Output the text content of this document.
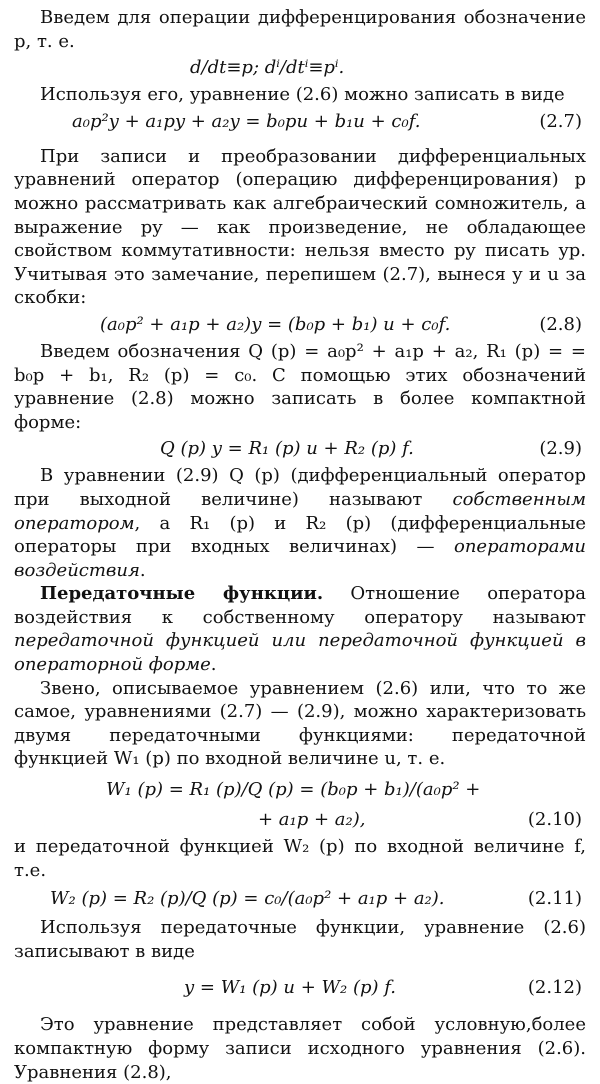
Введем для операции дифференцирования обозначение p, т. е.

d/dt≡p; dⁱ/dtⁱ≡pⁱ.

Используя его, уравнение (2.6) можно записать в виде

a₀p²y + a₁py + a₂y = b₀pu + b₁u + c₀f.	(2.7)

При записи и преобразовании дифференциальных уравнений оператор (операцию дифференцирования) p можно рассматривать как алгебраический сомножитель, а выражение py — как произведение, не обладающее свойством коммутативности: нельзя вместо py писать yp. Учитывая это замечание, перепишем (2.7), вынеся y и u за скобки:

(a₀p² + a₁p + a₂)y = (b₀p + b₁) u + c₀f.	(2.8)

Введем обозначения Q (p) = a₀p² + a₁p + a₂, R₁ (p) = = b₀p + b₁, R₂ (p) = c₀. С помощью этих обозначений уравнение (2.8) можно записать в более компактной форме:

Q (p) y = R₁ (p) u + R₂ (p) f.	(2.9)

В уравнении (2.9) Q (p) (дифференциальный оператор при выходной величине) называют собственным оператором, а R₁ (p) и R₂ (p) (дифференциальные операторы при входных величинах) — операторами воздействия.

Передаточные функции. Отношение оператора воздействия к собственному оператору называют передаточной функцией или передаточной функцией в операторной форме.

Звено, описываемое уравнением (2.6) или, что то же самое, уравнениями (2.7) — (2.9), можно характеризовать двумя передаточными функциями: передаточной функцией W₁ (p) по входной величине u, т. е.

W₁ (p) = R₁ (p)/Q (p) = (b₀p + b₁)/(a₀p² +
+ a₁p + a₂),	(2.10)

и передаточной функцией W₂ (p) по входной величине f, т.е.

W₂ (p) = R₂ (p)/Q (p) = c₀/(a₀p² + a₁p + a₂).	(2.11)

Используя передаточные функции, уравнение (2.6) записывают в виде

y = W₁ (p) u + W₂ (p) f.	(2.12)

Это уравнение представляет собой условную,более компактную форму записи исходного уравнения (2.6). Уравнения (2.8),
